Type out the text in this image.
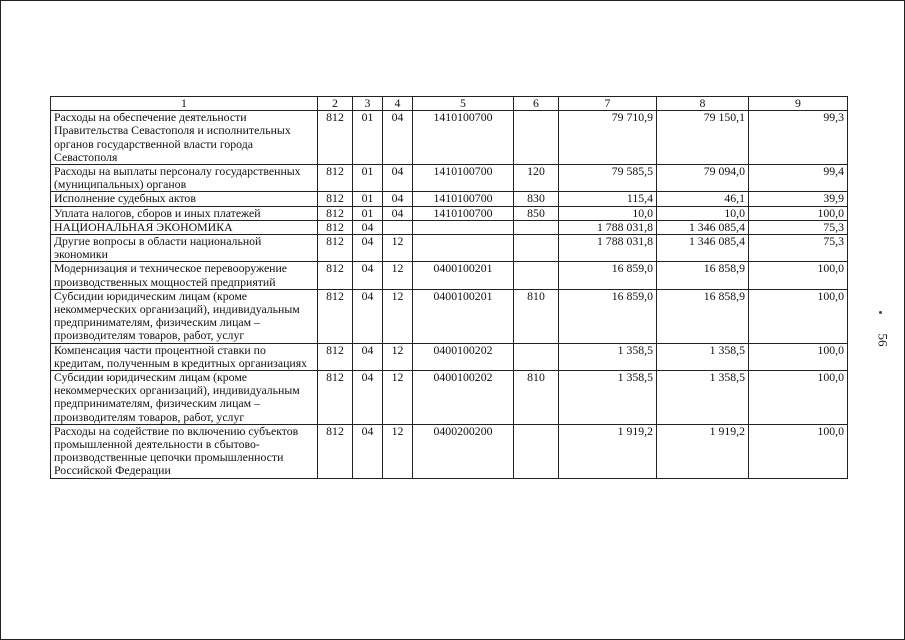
1	2	3	4	5	6	7	8	9
Расходы на обеспечение деятельности Правительства Севастополя и исполнительных органов государственной власти города Севастополя	812	01	04	1410100700		79 710,9	79 150,1	99,3
Расходы на выплаты персоналу государственных (муниципальных) органов	812	01	04	1410100700	120	79 585,5	79 094,0	99,4
Исполнение судебных актов	812	01	04	1410100700	830	115,4	46,1	39,9
Уплата налогов, сборов и иных платежей	812	01	04	1410100700	850	10,0	10,0	100,0
НАЦИОНАЛЬНАЯ ЭКОНОМИКА	812	04				1 788 031,8	1 346 085,4	75,3
Другие вопросы в области национальной экономики	812	04	12			1 788 031,8	1 346 085,4	75,3
Модернизация и техническое перевооружение производственных мощностей предприятий	812	04	12	0400100201		16 859,0	16 858,9	100,0
Субсидии юридическим лицам (кроме некоммерческих организаций), индивидуальным предпринимателям, физическим лицам – производителям товаров, работ, услуг	812	04	12	0400100201	810	16 859,0	16 858,9	100,0
Компенсация части процентной ставки по кредитам, полученным в кредитных организациях	812	04	12	0400100202		1 358,5	1 358,5	100,0
Субсидии юридическим лицам (кроме некоммерческих организаций), индивидуальным предпринимателям, физическим лицам – производителям товаров, работ, услуг	812	04	12	0400100202	810	1 358,5	1 358,5	100,0
Расходы на содействие по включению субъектов промышленной деятельности в сбытово-производственные цепочки промышленности Российской Федерации	812	04	12	0400200200		1 919,2	1 919,2	100,0
56
